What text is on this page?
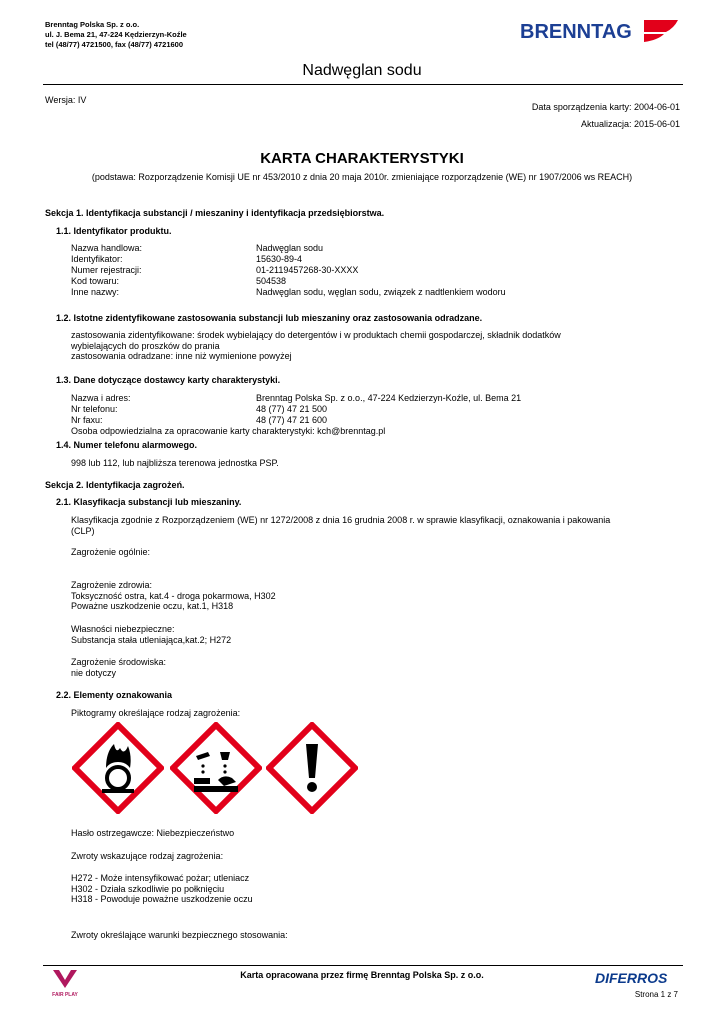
Brenntag Polska Sp. z o.o.
ul. J. Bema 21, 47-224 Kędzierzyn-Koźle
tel (48/77) 4721500, fax (48/77) 4721600
BRENNTAG
Nadwęglan sodu
Wersja: IV
Data sporządzenia karty: 2004-06-01
Aktualizacja: 2015-06-01
KARTA CHARAKTERYSTYKI
(podstawa: Rozporządzenie Komisji UE nr 453/2010 z dnia 20 maja 2010r. zmieniające rozporządzenie (WE) nr 1907/2006 ws REACH)
Sekcja 1. Identyfikacja substancji / mieszaniny i identyfikacja przedsiębiorstwa.
1.1. Identyfikator produktu.
Nazwa handlowa:	Nadwęglan sodu
Identyfikator:	15630-89-4
Numer rejestracji:	01-2119457268-30-XXXX
Kod towaru:	504538
Inne nazwy:	Nadwęglan sodu, węglan sodu, związek z nadtlenkiem wodoru
1.2. Istotne zidentyfikowane zastosowania substancji lub mieszaniny oraz zastosowania odradzane.
zastosowania zidentyfikowane: środek wybielający do detergentów i w produktach chemii gospodarczej, składnik dodatków
wybielających do proszków do prania
zastosowania odradzane: inne niż wymienione powyżej
1.3. Dane dotyczące dostawcy karty charakterystyki.
Nazwa i adres:	Brenntag Polska Sp. z o.o., 47-224 Kedzierzyn-Koźle, ul. Bema 21
Nr telefonu:	48 (77) 47 21 500
Nr faxu:	48 (77) 47 21 600
Osoba odpowiedzialna za opracowanie karty charakterystyki: kch@brenntag.pl
1.4. Numer telefonu alarmowego.
998 lub 112, lub najbliższa terenowa jednostka PSP.
Sekcja 2. Identyfikacja zagrożeń.
2.1. Klasyfikacja substancji lub mieszaniny.
Klasyfikacja zgodnie z Rozporządzeniem (WE) nr 1272/2008 z dnia 16 grudnia 2008 r. w sprawie klasyfikacji, oznakowania i pakowania
(CLP)
Zagrożenie ogólnie:
Zagrożenie zdrowia:
Toksyczność ostra, kat.4 - droga pokarmowa, H302
Poważne uszkodzenie oczu, kat.1, H318
Własności niebezpieczne:
Substancja stała utleniająca,kat.2; H272
Zagrożenie środowiska:
nie dotyczy
2.2. Elementy oznakowania
Piktogramy określające rodzaj zagrożenia:
Hasło ostrzegawcze: Niebezpieczeństwo
Zwroty wskazujące rodzaj zagrożenia:
H272 - Może intensyfikować pożar; utleniacz
H302 - Działa szkodliwie po połknięciu
H318 - Powoduje poważne uszkodzenie oczu
Zwroty określające warunki bezpiecznego stosowania:
FAIR PLAY
Karta opracowana przez firmę Brenntag Polska Sp. z o.o.	DIFERROS
Strona 1 z 7
